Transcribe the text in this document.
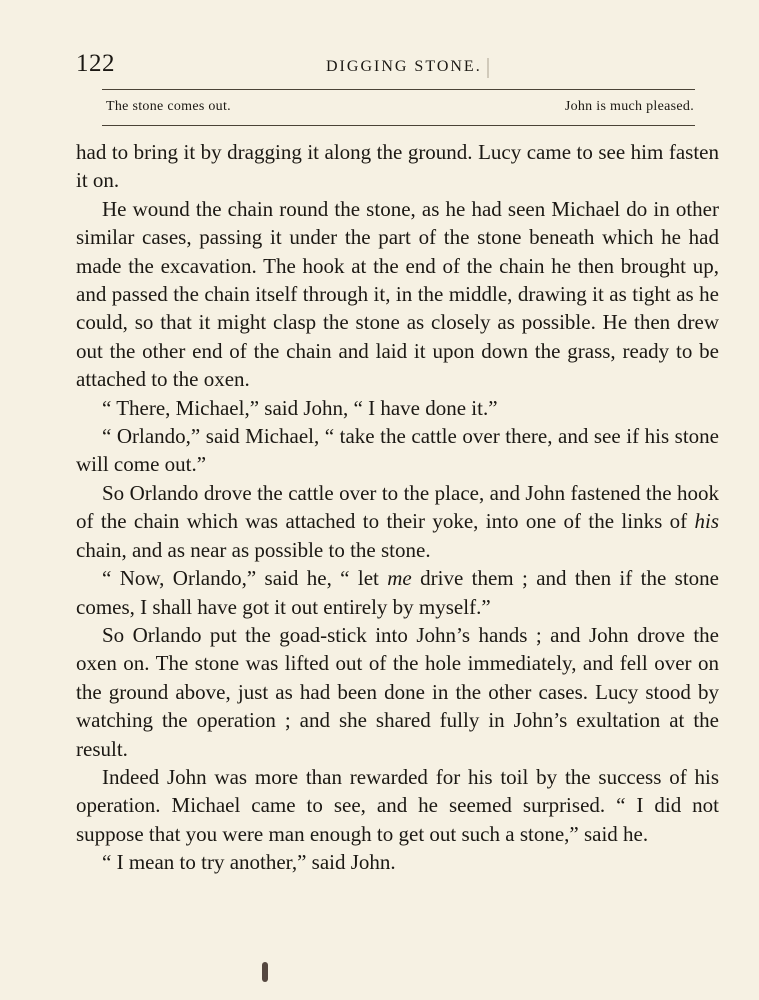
122	DIGGING STONE.
The stone comes out.	John is much pleased.

had to bring it by dragging it along the ground. Lucy came to see him fasten it on.

He wound the chain round the stone, as he had seen Michael do in other similar cases, passing it under the part of the stone beneath which he had made the excavation. The hook at the end of the chain he then brought up, and passed the chain itself through it, in the middle, drawing it as tight as he could, so that it might clasp the stone as closely as possible. He then drew out the other end of the chain and laid it upon down the grass, ready to be attached to the oxen.

“ There, Michael,” said John, “ I have done it.”

“ Orlando,” said Michael, “ take the cattle over there, and see if his stone will come out.”

So Orlando drove the cattle over to the place, and John fastened the hook of the chain which was attached to their yoke, into one of the links of his chain, and as near as possible to the stone.

“ Now, Orlando,” said he, “ let me drive them ; and then if the stone comes, I shall have got it out entirely by myself.”

So Orlando put the goad-stick into John’s hands ; and John drove the oxen on. The stone was lifted out of the hole immediately, and fell over on the ground above, just as had been done in the other cases. Lucy stood by watching the operation ; and she shared fully in John’s exultation at the result.

Indeed John was more than rewarded for his toil by the success of his operation. Michael came to see, and he seemed surprised. “ I did not suppose that you were man enough to get out such a stone,” said he.

“ I mean to try another,” said John.
